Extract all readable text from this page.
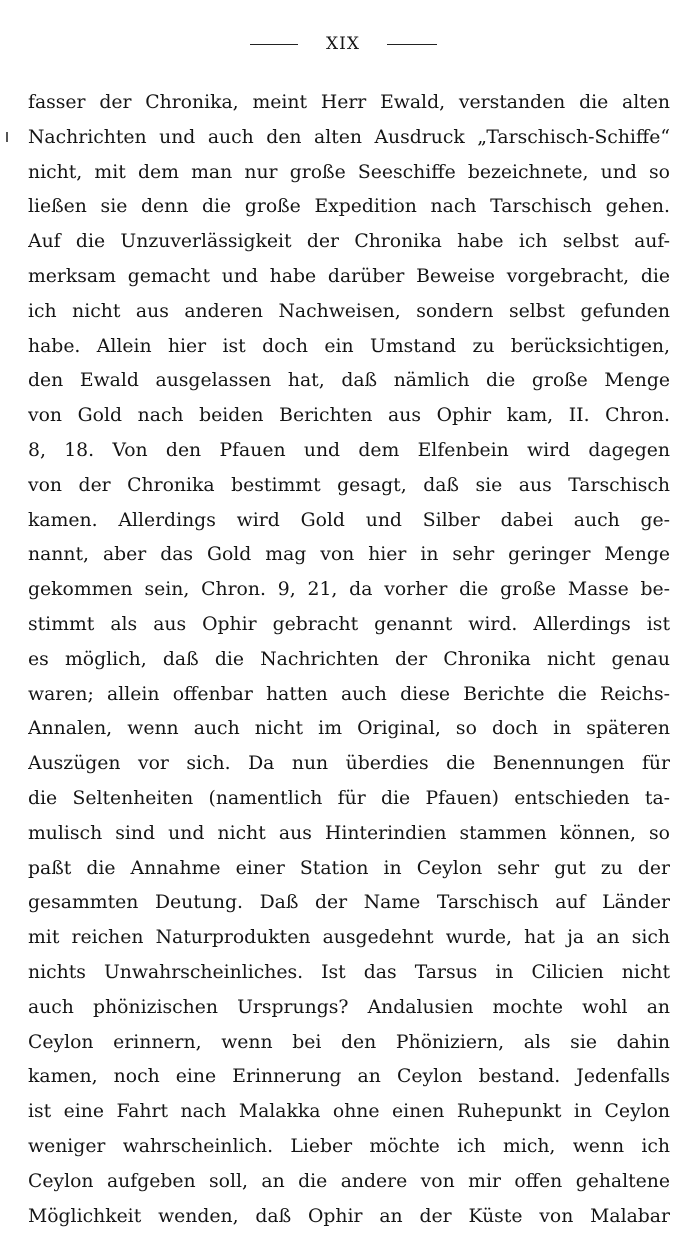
XIX
fasser der Chronika, meint Herr Ewald, verstanden die alten
Nachrichten und auch den alten Ausdruck „Tarschisch-Schiffe“
nicht, mit dem man nur große Seeschiffe bezeichnete, und so
ließen sie denn die große Expedition nach Tarschisch gehen.
Auf die Unzuverlässigkeit der Chronika habe ich selbst auf-
merksam gemacht und habe darüber Beweise vorgebracht, die
ich nicht aus anderen Nachweisen, sondern selbst gefunden
habe. Allein hier ist doch ein Umstand zu berücksichtigen,
den Ewald ausgelassen hat, daß nämlich die große Menge
von Gold nach beiden Berichten aus Ophir kam, II. Chron.
8, 18. Von den Pfauen und dem Elfenbein wird dagegen
von der Chronika bestimmt gesagt, daß sie aus Tarschisch
kamen. Allerdings wird Gold und Silber dabei auch ge-
nannt, aber das Gold mag von hier in sehr geringer Menge
gekommen sein, Chron. 9, 21, da vorher die große Masse be-
stimmt als aus Ophir gebracht genannt wird. Allerdings ist
es möglich, daß die Nachrichten der Chronika nicht genau
waren; allein offenbar hatten auch diese Berichte die Reichs-
Annalen, wenn auch nicht im Original, so doch in späteren
Auszügen vor sich. Da nun überdies die Benennungen für
die Seltenheiten (namentlich für die Pfauen) entschieden ta-
mulisch sind und nicht aus Hinterindien stammen können, so
paßt die Annahme einer Station in Ceylon sehr gut zu der
gesammten Deutung. Daß der Name Tarschisch auf Länder
mit reichen Naturprodukten ausgedehnt wurde, hat ja an sich
nichts Unwahrscheinliches. Ist das Tarsus in Cilicien nicht
auch phönizischen Ursprungs? Andalusien mochte wohl an
Ceylon erinnern, wenn bei den Phöniziern, als sie dahin
kamen, noch eine Erinnerung an Ceylon bestand. Jedenfalls
ist eine Fahrt nach Malakka ohne einen Ruhepunkt in Ceylon
weniger wahrscheinlich. Lieber möchte ich mich, wenn ich
Ceylon aufgeben soll, an die andere von mir offen gehaltene
Möglichkeit wenden, daß Ophir an der Küste von Malabar
